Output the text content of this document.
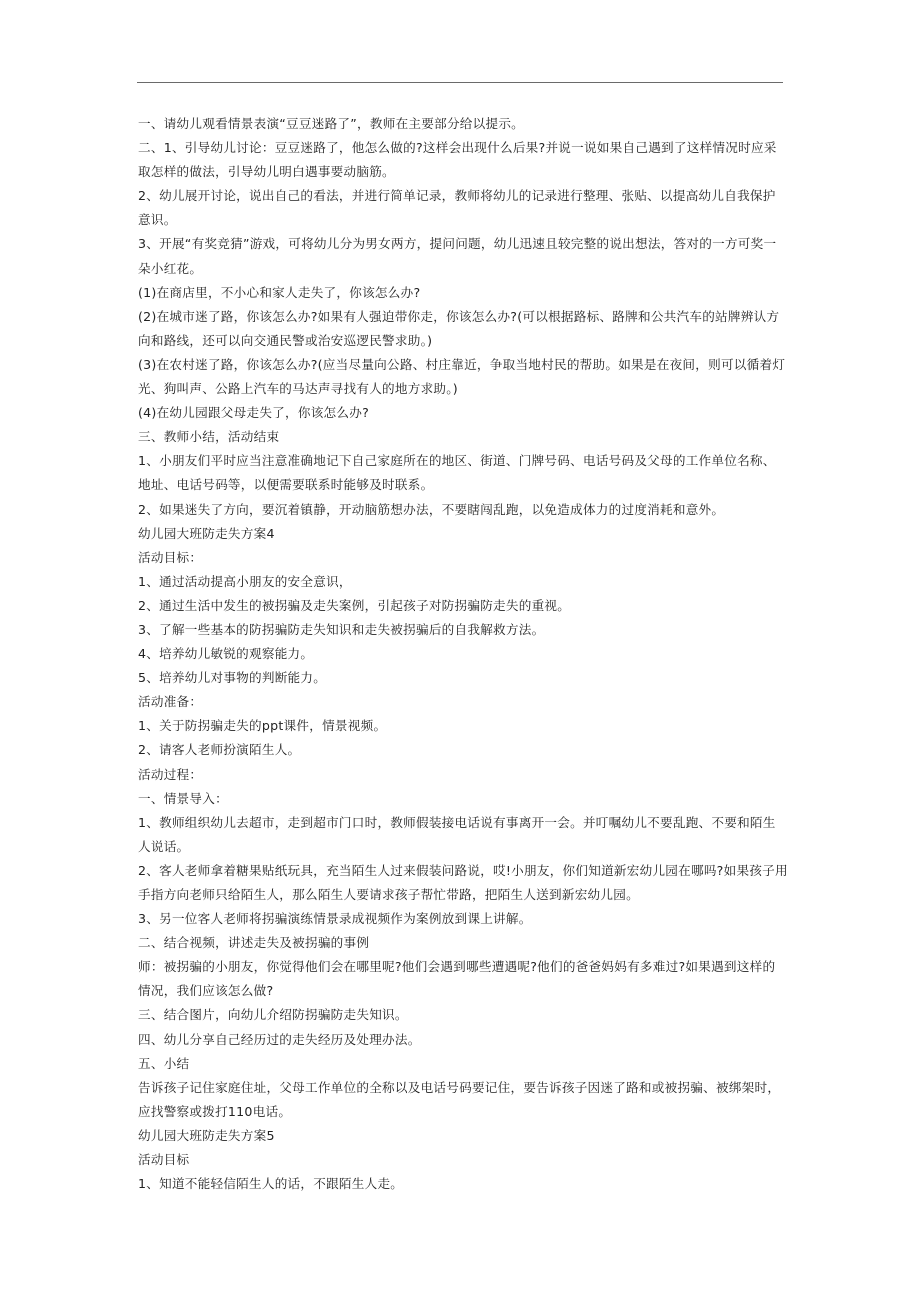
一、请幼儿观看情景表演“豆豆迷路了”，教师在主要部分给以提示。

二、1、引导幼儿讨论：豆豆迷路了，他怎么做的?这样会出现什么后果?并说一说如果自己遇到了这样情况时应采取怎样的做法，引导幼儿明白遇事要动脑筋。

2、幼儿展开讨论，说出自己的看法，并进行简单记录，教师将幼儿的记录进行整理、张贴、以提高幼儿自我保护意识。

3、开展“有奖竞猜”游戏，可将幼儿分为男女两方，提问问题，幼儿迅速且较完整的说出想法，答对的一方可奖一朵小红花。

(1)在商店里，不小心和家人走失了，你该怎么办?

(2)在城市迷了路，你该怎么办?如果有人强迫带你走，你该怎么办?(可以根据路标、路牌和公共汽车的站牌辨认方向和路线，还可以向交通民警或治安巡逻民警求助。)

(3)在农村迷了路，你该怎么办?(应当尽量向公路、村庄靠近，争取当地村民的帮助。如果是在夜间，则可以循着灯光、狗叫声、公路上汽车的马达声寻找有人的地方求助。)

(4)在幼儿园跟父母走失了，你该怎么办?

三、教师小结，活动结束

1、小朋友们平时应当注意准确地记下自己家庭所在的地区、街道、门牌号码、电话号码及父母的工作单位名称、地址、电话号码等，以便需要联系时能够及时联系。

2、如果迷失了方向，要沉着镇静，开动脑筋想办法，不要瞎闯乱跑，以免造成体力的过度消耗和意外。

幼儿园大班防走失方案4

活动目标：

1、通过活动提高小朋友的安全意识，

2、通过生活中发生的被拐骗及走失案例，引起孩子对防拐骗防走失的重视。

3、了解一些基本的防拐骗防走失知识和走失被拐骗后的自我解救方法。

4、培养幼儿敏锐的观察能力。

5、培养幼儿对事物的判断能力。

活动准备：

1、关于防拐骗走失的ppt课件，情景视频。

2、请客人老师扮演陌生人。

活动过程：

一、情景导入：

1、教师组织幼儿去超市，走到超市门口时，教师假装接电话说有事离开一会。并叮嘱幼儿不要乱跑、不要和陌生人说话。

2、客人老师拿着糖果贴纸玩具，充当陌生人过来假装问路说，哎!小朋友，你们知道新宏幼儿园在哪吗?如果孩子用手指方向老师只给陌生人，那么陌生人要请求孩子帮忙带路，把陌生人送到新宏幼儿园。

3、另一位客人老师将拐骗演练情景录成视频作为案例放到课上讲解。

二、结合视频，讲述走失及被拐骗的事例

师：被拐骗的小朋友，你觉得他们会在哪里呢?他们会遇到哪些遭遇呢?他们的爸爸妈妈有多难过?如果遇到这样的情况，我们应该怎么做?

三、结合图片，向幼儿介绍防拐骗防走失知识。

四、幼儿分享自己经历过的走失经历及处理办法。

五、小结

告诉孩子记住家庭住址，父母工作单位的全称以及电话号码要记住，要告诉孩子因迷了路和或被拐骗、被绑架时，应找警察或拨打110电话。

幼儿园大班防走失方案5

活动目标

1、知道不能轻信陌生人的话，不跟陌生人走。
